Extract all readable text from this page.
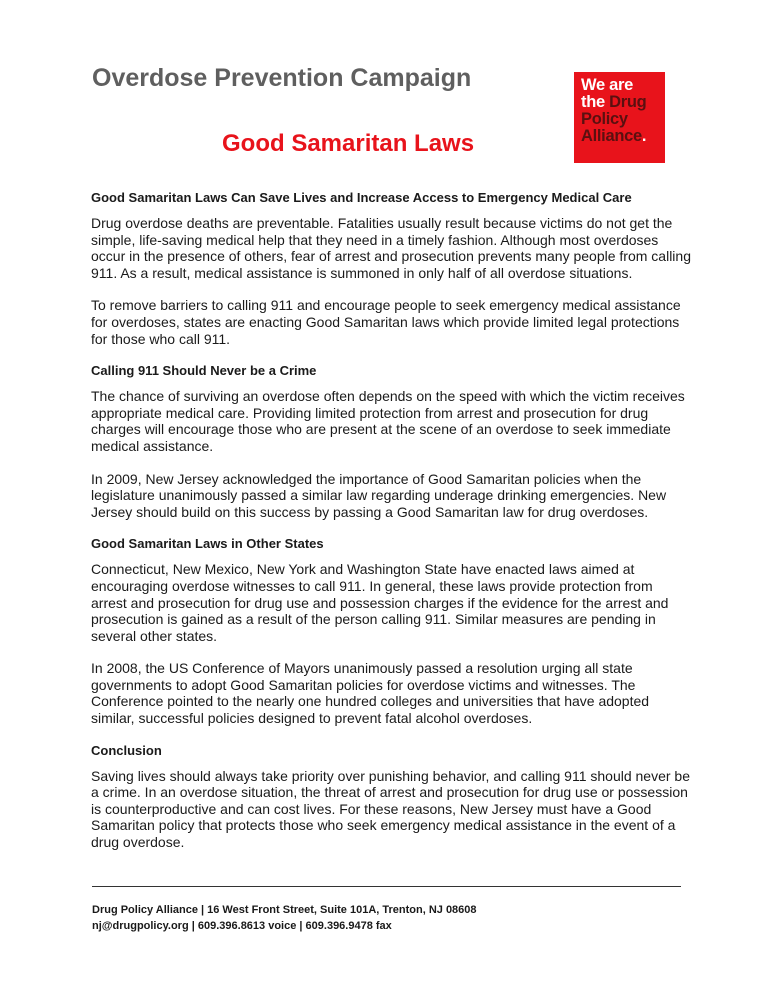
Overdose Prevention Campaign
Good Samaritan Laws
We are
the Drug
Policy
Alliance.
Good Samaritan Laws Can Save Lives and Increase Access to Emergency Medical Care

Drug overdose deaths are preventable. Fatalities usually result because victims do not get the simple, life-saving medical help that they need in a timely fashion. Although most overdoses occur in the presence of others, fear of arrest and prosecution prevents many people from calling 911. As a result, medical assistance is summoned in only half of all overdose situations.

To remove barriers to calling 911 and encourage people to seek emergency medical assistance for overdoses, states are enacting Good Samaritan laws which provide limited legal protections for those who call 911.

Calling 911 Should Never be a Crime

The chance of surviving an overdose often depends on the speed with which the victim receives appropriate medical care. Providing limited protection from arrest and prosecution for drug charges will encourage those who are present at the scene of an overdose to seek immediate medical assistance.

In 2009, New Jersey acknowledged the importance of Good Samaritan policies when the legislature unanimously passed a similar law regarding underage drinking emergencies. New Jersey should build on this success by passing a Good Samaritan law for drug overdoses.

Good Samaritan Laws in Other States

Connecticut, New Mexico, New York and Washington State have enacted laws aimed at encouraging overdose witnesses to call 911. In general, these laws provide protection from arrest and prosecution for drug use and possession charges if the evidence for the arrest and prosecution is gained as a result of the person calling 911. Similar measures are pending in several other states.

In 2008, the US Conference of Mayors unanimously passed a resolution urging all state governments to adopt Good Samaritan policies for overdose victims and witnesses. The Conference pointed to the nearly one hundred colleges and universities that have adopted similar, successful policies designed to prevent fatal alcohol overdoses.

Conclusion

Saving lives should always take priority over punishing behavior, and calling 911 should never be a crime. In an overdose situation, the threat of arrest and prosecution for drug use or possession is counterproductive and can cost lives. For these reasons, New Jersey must have a Good Samaritan policy that protects those who seek emergency medical assistance in the event of a drug overdose.

Drug Policy Alliance | 16 West Front Street, Suite 101A, Trenton, NJ 08608
nj@drugpolicy.org | 609.396.8613 voice | 609.396.9478 fax
